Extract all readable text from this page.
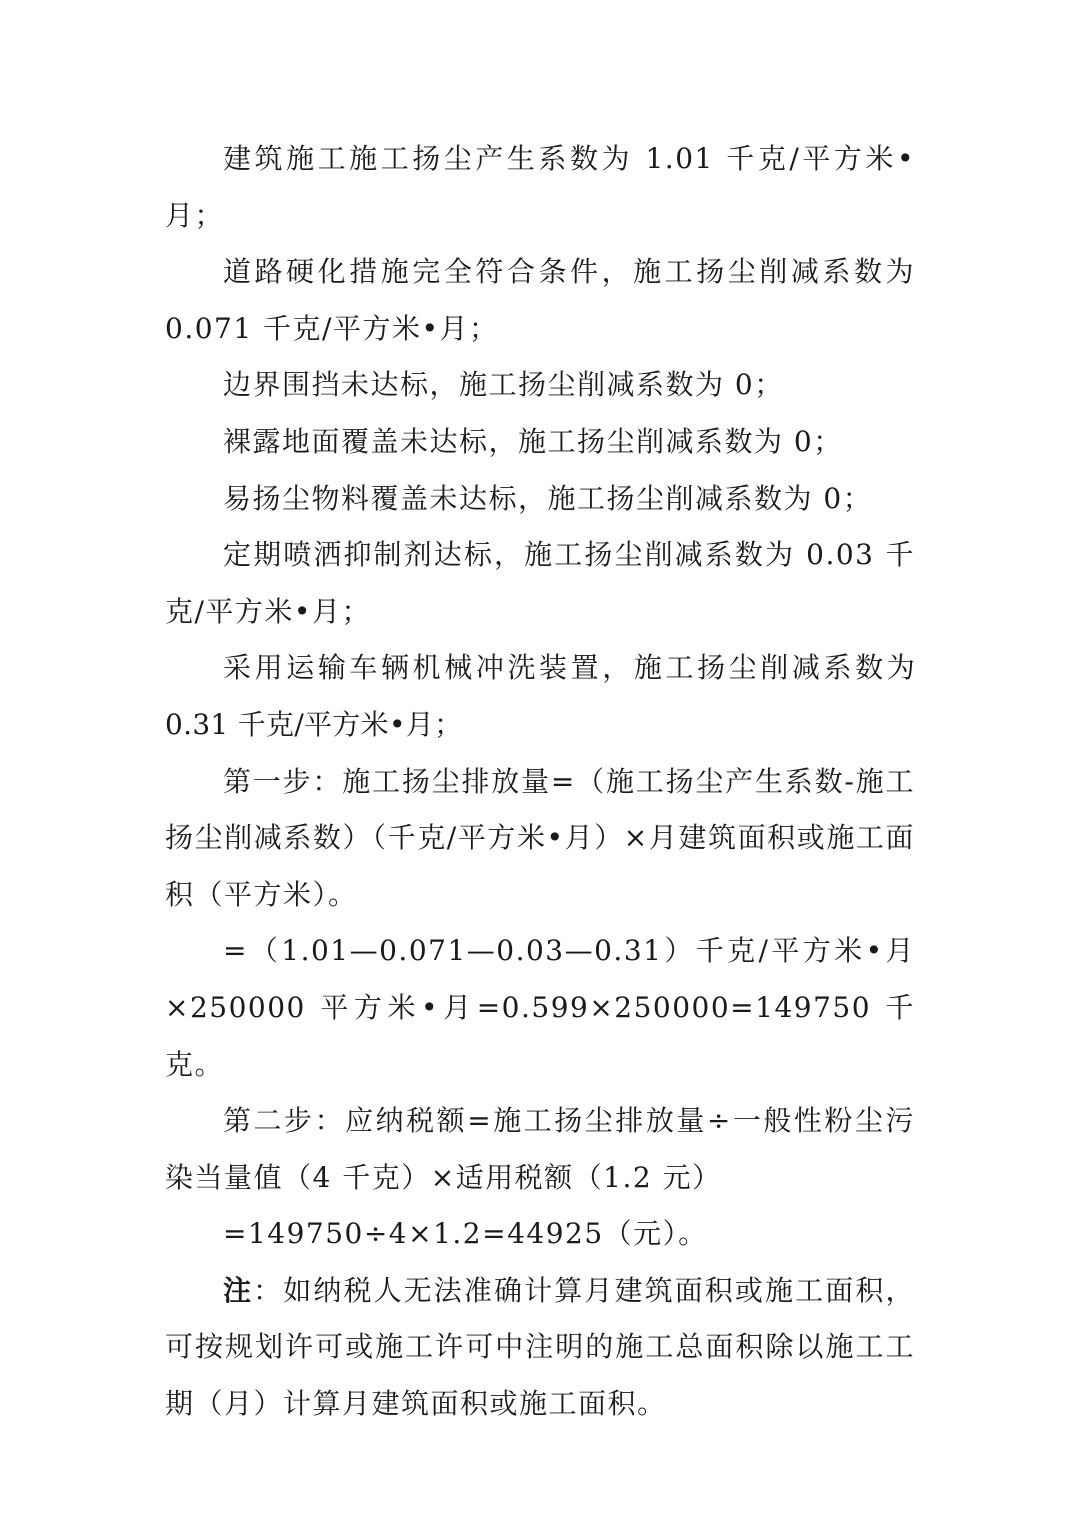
建筑施工施工扬尘产生系数为 1.01 千克/平方米•月；

道路硬化措施完全符合条件，施工扬尘削减系数为 0.071 千克/平方米•月；

边界围挡未达标，施工扬尘削减系数为 0；

裸露地面覆盖未达标，施工扬尘削减系数为 0；

易扬尘物料覆盖未达标，施工扬尘削减系数为 0；

定期喷洒抑制剂达标，施工扬尘削减系数为 0.03 千克/平方米•月；

采用运输车辆机械冲洗装置，施工扬尘削减系数为 0.31 千克/平方米•月；

第一步：施工扬尘排放量=（施工扬尘产生系数-施工扬尘削减系数）（千克/平方米•月）×月建筑面积或施工面积（平方米）。

=（1.01—0.071—0.03—0.31）千克/平方米•月×250000 平方米•月=0.599×250000=149750 千克。

第二步：应纳税额=施工扬尘排放量÷一般性粉尘污染当量值（4 千克）×适用税额（1.2 元）

=149750÷4×1.2=44925（元）。

注：如纳税人无法准确计算月建筑面积或施工面积，可按规划许可或施工许可中注明的施工总面积除以施工工期（月）计算月建筑面积或施工面积。
